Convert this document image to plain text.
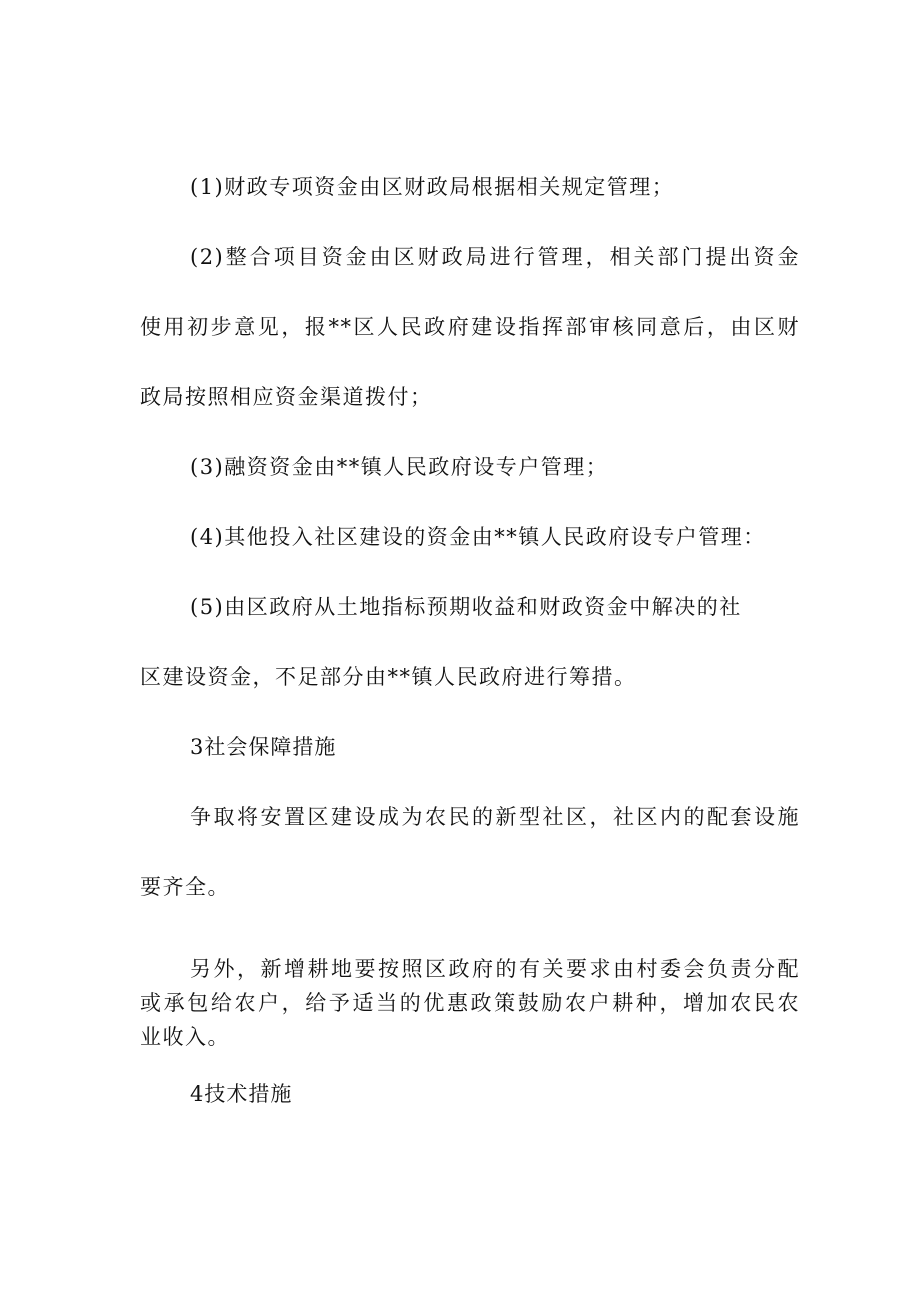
(1)财政专项资金由区财政局根据相关规定管理；
(2)整合项目资金由区财政局进行管理，相关部门提出资金
使用初步意见，报**区人民政府建设指挥部审核同意后，由区财
政局按照相应资金渠道拨付；
(3)融资资金由**镇人民政府设专户管理；
(4)其他投入社区建设的资金由**镇人民政府设专户管理：
(5)由区政府从土地指标预期收益和财政资金中解决的社
区建设资金，不足部分由**镇人民政府进行筹措。
3社会保障措施
争取将安置区建设成为农民的新型社区，社区内的配套设施
要齐全。
另外，新增耕地要按照区政府的有关要求由村委会负责分配
或承包给农户，给予适当的优惠政策鼓励农户耕种，增加农民农
业收入。
4技术措施
